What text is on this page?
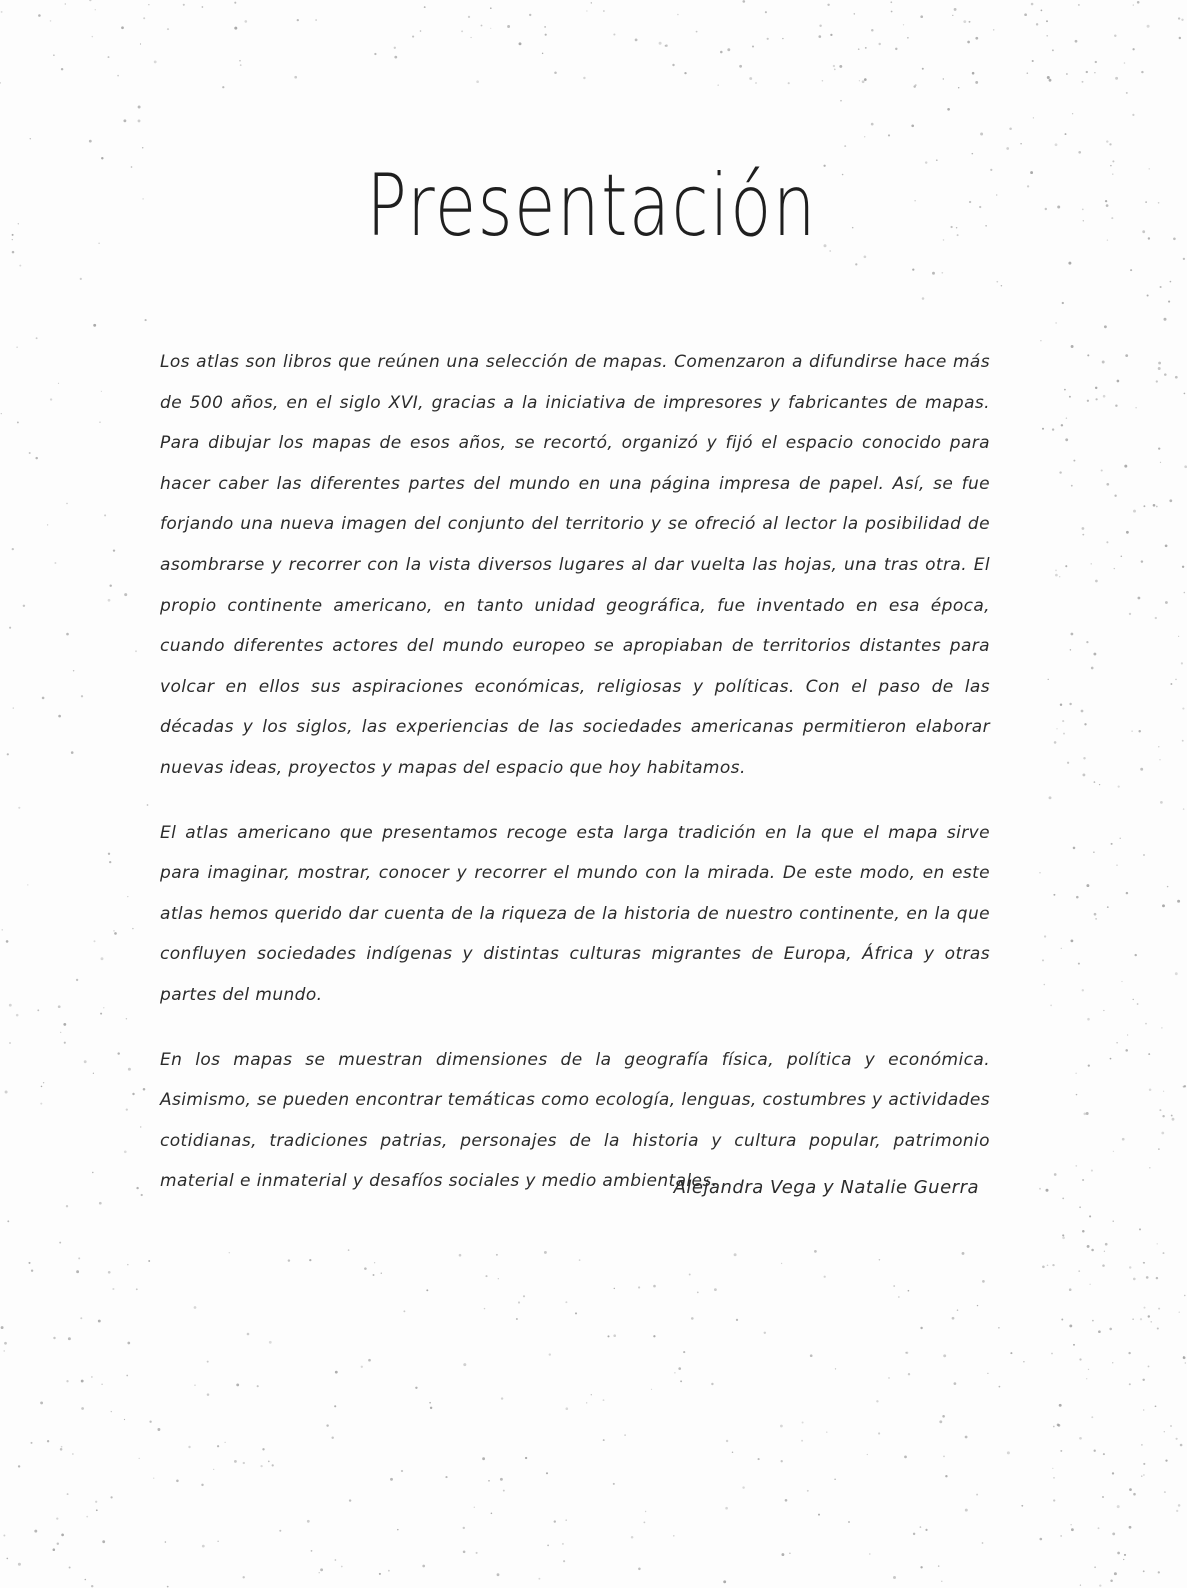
Presentación

Los atlas son libros que reúnen una selección de mapas. Comenzaron a difundirse hace más de 500 años, en el siglo XVI, gracias a la iniciativa de impresores y fabricantes de mapas. Para dibujar los mapas de esos años, se recortó, organizó y fijó el espacio conocido para hacer caber las diferentes partes del mundo en una página impresa de papel. Así, se fue forjando una nueva imagen del conjunto del territorio y se ofreció al lector la posibilidad de asombrarse y recorrer con la vista diversos lugares al dar vuelta las hojas, una tras otra. El propio continente americano, en tanto unidad geográfica, fue inventado en esa época, cuando diferentes actores del mundo europeo se apropiaban de territorios distantes para volcar en ellos sus aspiraciones económicas, religiosas y políticas. Con el paso de las décadas y los siglos, las experiencias de las sociedades americanas permitieron elaborar nuevas ideas, proyectos y mapas del espacio que hoy habitamos.

El atlas americano que presentamos recoge esta larga tradición en la que el mapa sirve para imaginar, mostrar, conocer y recorrer el mundo con la mirada. De este modo, en este atlas hemos querido dar cuenta de la riqueza de la historia de nuestro continente, en la que confluyen sociedades indígenas y distintas culturas migrantes de Europa, África y otras partes del mundo.

En los mapas se muestran dimensiones de la geografía física, política y económica. Asimismo, se pueden encontrar temáticas como ecología, lenguas, costumbres y actividades cotidianas, tradiciones patrias, personajes de la historia y cultura popular, patrimonio material e inmaterial y desafíos sociales y medio ambientales.

Alejandra Vega y Natalie Guerra
